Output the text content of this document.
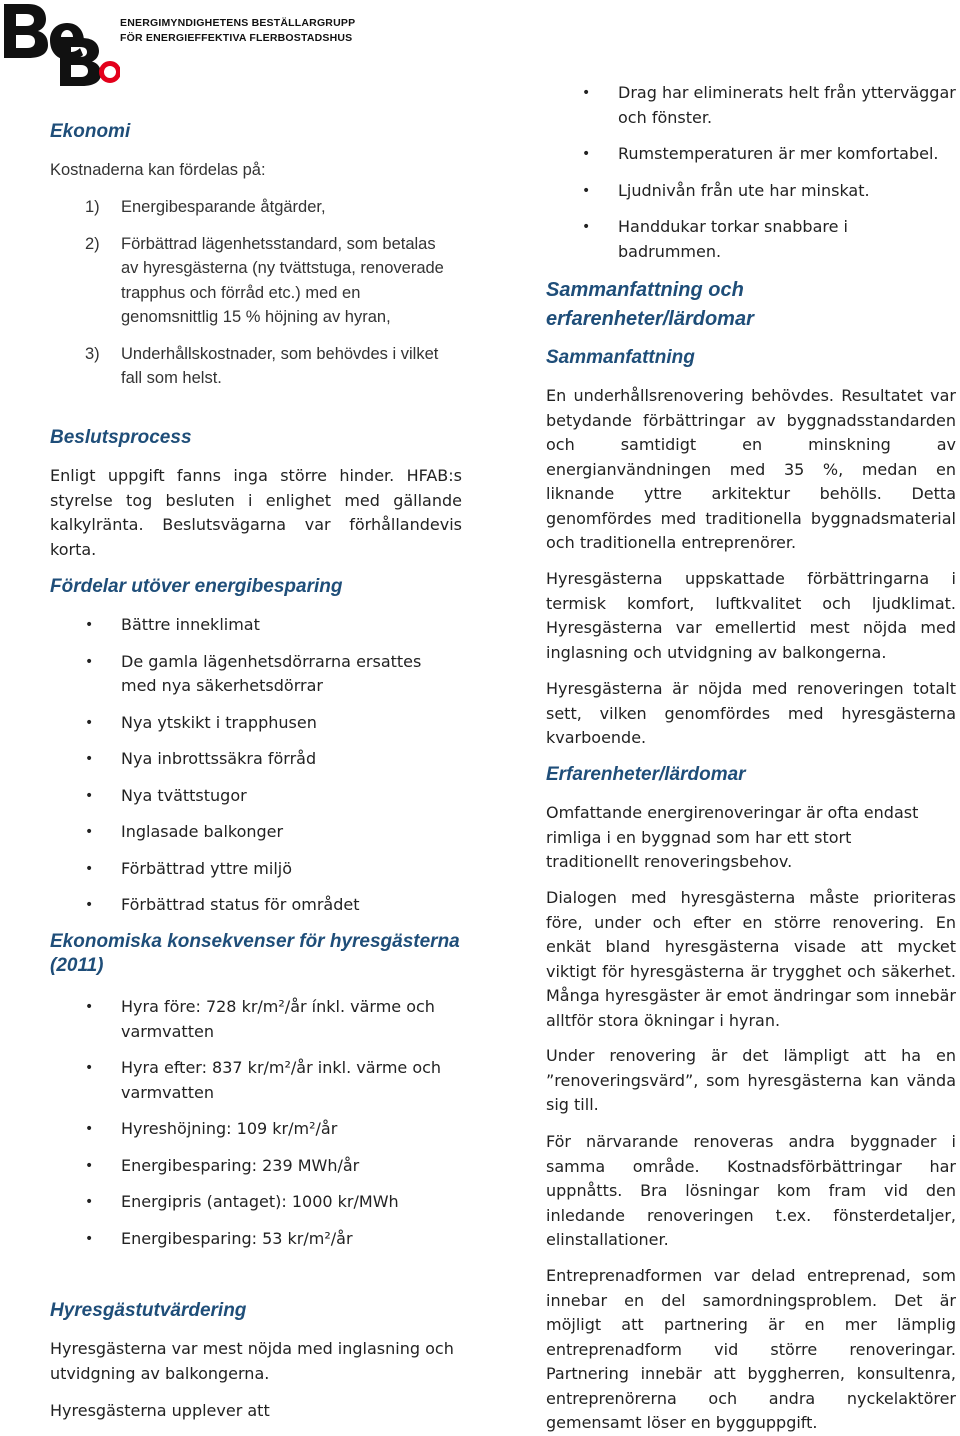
ENERGIMYNDIGHETENS BESTÄLLARGRUPP
FÖR ENERGIEFFEKTIVA FLERBOSTADSHUS
Ekonomi

Kostnaderna kan fördelas på:

1) Energibesparande åtgärder,
2) Förbättrad lägenhetsstandard, som betalas av hyresgästerna (ny tvättstuga, renoverade trapphus och förråd etc.) med en genomsnittlig 15 % höjning av hyran,
3) Underhållskostnader, som behövdes i vilket fall som helst.
Beslutsprocess

Enligt uppgift fanns inga större hinder. HFAB:s styrelse tog besluten i enlighet med gällande kalkylränta. Beslutsvägarna var förhållandevis korta.

Fördelar utöver energibesparing
• Bättre inneklimat
• De gamla lägenhetsdörrarna ersattes med nya säkerhetsdörrar
• Nya ytskikt i trapphusen
• Nya inbrottssäkra förråd
• Nya tvättstugor
• Inglasade balkonger
• Förbättrad yttre miljö
• Förbättrad status för området
Ekonomiska konsekvenser för hyresgästerna (2011)
• Hyra före: 728 kr/m²/år ínkl. värme och varmvatten
• Hyra efter: 837 kr/m²/år inkl. värme och varmvatten
• Hyreshöjning: 109 kr/m²/år
• Energibesparing: 239 MWh/år
• Energipris (antaget): 1000 kr/MWh
• Energibesparing: 53 kr/m²/år
Hyresgästutvärdering

Hyresgästerna var mest nöjda med inglasning och utvidgning av balkongerna.

Hyresgästerna upplever att

• Drag har eliminerats helt från ytterväggar och fönster.
• Rumstemperaturen är mer komfortabel.
• Ljudnivån från ute har minskat.
• Handdukar torkar snabbare i badrummen.
Sammanfattning och erfarenheter/lärdomar
Sammanfattning

En underhållsrenovering behövdes. Resultatet var betydande förbättringar av byggnadsstandarden och samtidigt en minskning av energianvändningen med 35 %, medan en liknande yttre arkitektur behölls. Detta genomfördes med traditionella byggnadsmaterial och traditionella entreprenörer.

Hyresgästerna uppskattade förbättringarna i termisk komfort, luftkvalitet och ljudklimat. Hyresgästerna var emellertid mest nöjda med inglasning och utvidgning av balkongerna.

Hyresgästerna är nöjda med renoveringen totalt sett, vilken genomfördes med hyresgästerna kvarboende.

Erfarenheter/lärdomar

Omfattande energirenoveringar är ofta endast rimliga i en byggnad som har ett stort traditionellt renoveringsbehov.

Dialogen med hyresgästerna måste prioriteras före, under och efter en större renovering. En enkät bland hyresgästerna visade att mycket viktigt för hyresgästerna är trygghet och säkerhet. Många hyresgäster är emot ändringar som innebär alltför stora ökningar i hyran.

Under renovering är det lämpligt att ha en ”renoveringsvärd”, som hyresgästerna kan vända sig till.

För närvarande renoveras andra byggnader i samma område. Kostnadsförbättringar har uppnåtts. Bra lösningar kom fram vid den inledande renoveringen t.ex. fönsterdetaljer, elinstallationer.

Entreprenadformen var delad entreprenad, som innebar en del samordningsproblem. Det är möjligt att partnering är en mer lämplig entreprenadform vid större renoveringar. Partnering innebär att byggherren, konsultenra, entreprenörerna och andra nyckelaktörer gemensamt löser en bygguppgift.
